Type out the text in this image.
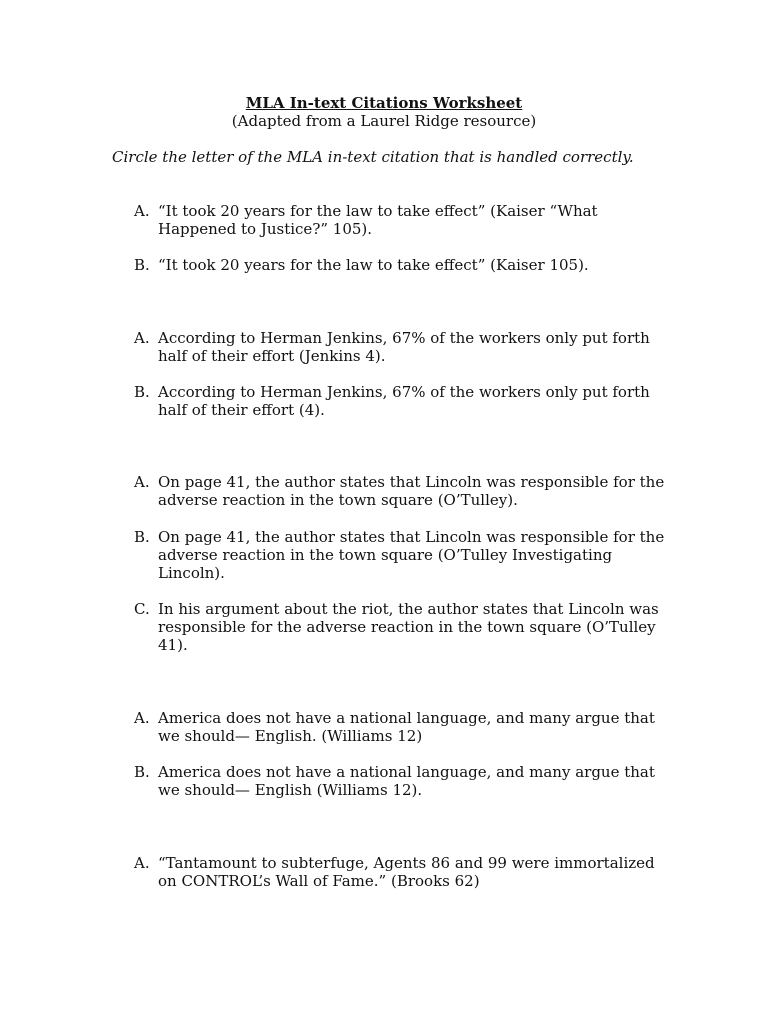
MLA In-text Citations Worksheet
(Adapted from a Laurel Ridge resource)
Circle the letter of the MLA in-text citation that is handled correctly.
A. “It took 20 years for the law to take effect” (Kaiser “What Happened to Justice?” 105).
B. “It took 20 years for the law to take effect” (Kaiser 105).
A. According to Herman Jenkins, 67% of the workers only put forth half of their effort (Jenkins 4).
B. According to Herman Jenkins, 67% of the workers only put forth half of their effort (4).
A. On page 41, the author states that Lincoln was responsible for the adverse reaction in the town square (O’Tulley).
B. On page 41, the author states that Lincoln was responsible for the adverse reaction in the town square (O’Tulley Investigating Lincoln).
C. In his argument about the riot, the author states that Lincoln was responsible for the adverse reaction in the town square (O’Tulley 41).
A. America does not have a national language, and many argue that we should— English. (Williams 12)
B. America does not have a national language, and many argue that we should— English (Williams 12).
A. “Tantamount to subterfuge, Agents 86 and 99 were immortalized on CONTROL’s Wall of Fame.” (Brooks 62)
